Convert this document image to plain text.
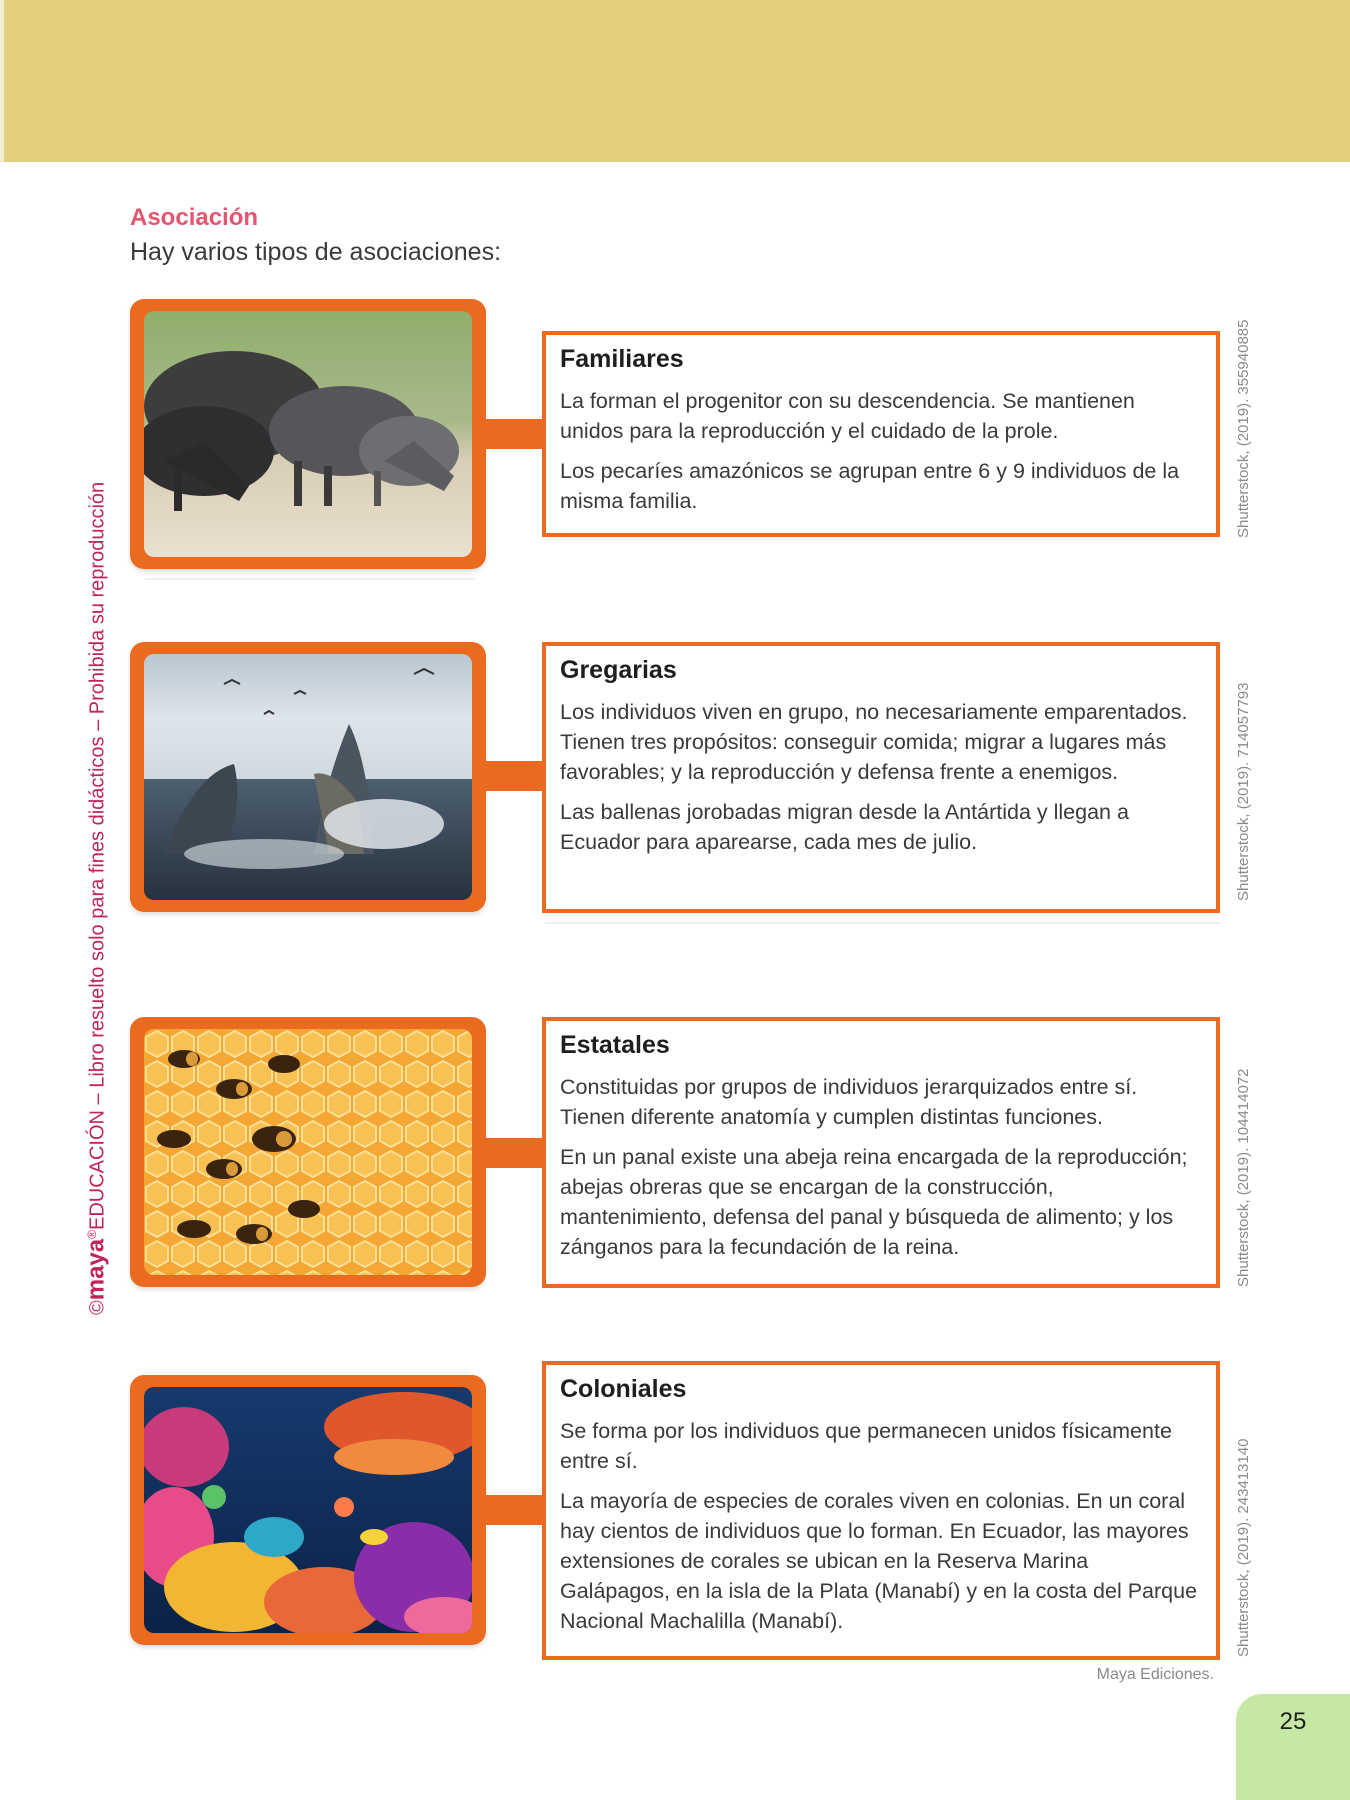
Asociación
Hay varios tipos de asociaciones:
©maya®EDUCACIÓN – Libro resuelto solo para fines didácticos – Prohibida su reproducción
Familiares

La forman el progenitor con su descendencia. Se mantienen unidos para la reproducción y el cuidado de la prole.

Los pecaríes amazónicos se agrupan entre 6 y 9 individuos de la misma familia.	Shutterstock, (2019). 355940885
Gregarias

Los individuos viven en grupo, no necesariamente emparentados. Tienen tres propósitos: conseguir comida; migrar a lugares más favorables; y la reproducción y defensa frente a enemigos.

Las ballenas jorobadas migran desde la Antártida y llegan a Ecuador para aparearse, cada mes de julio.	Shutterstock, (2019). 714057793
Estatales

Constituidas por grupos de individuos jerarquizados entre sí. Tienen diferente anatomía y cumplen distintas funciones.

En un panal existe una abeja reina encargada de la reproducción; abejas obreras que se encargan de la construcción, mantenimiento, defensa del panal y búsqueda de alimento; y los zánganos para la fecundación de la reina.	Shutterstock, (2019). 104414072
Coloniales

Se forma por los individuos que permanecen unidos físicamente entre sí.

La mayoría de especies de corales viven en colonias. En un coral hay cientos de individuos que lo forman. En Ecuador, las mayores extensiones de corales se ubican en la Reserva Marina Galápagos, en la isla de la Plata (Manabí) y en la costa del Parque Nacional Machalilla (Manabí).	Shutterstock, (2019). 243413140
Maya Ediciones.
25
